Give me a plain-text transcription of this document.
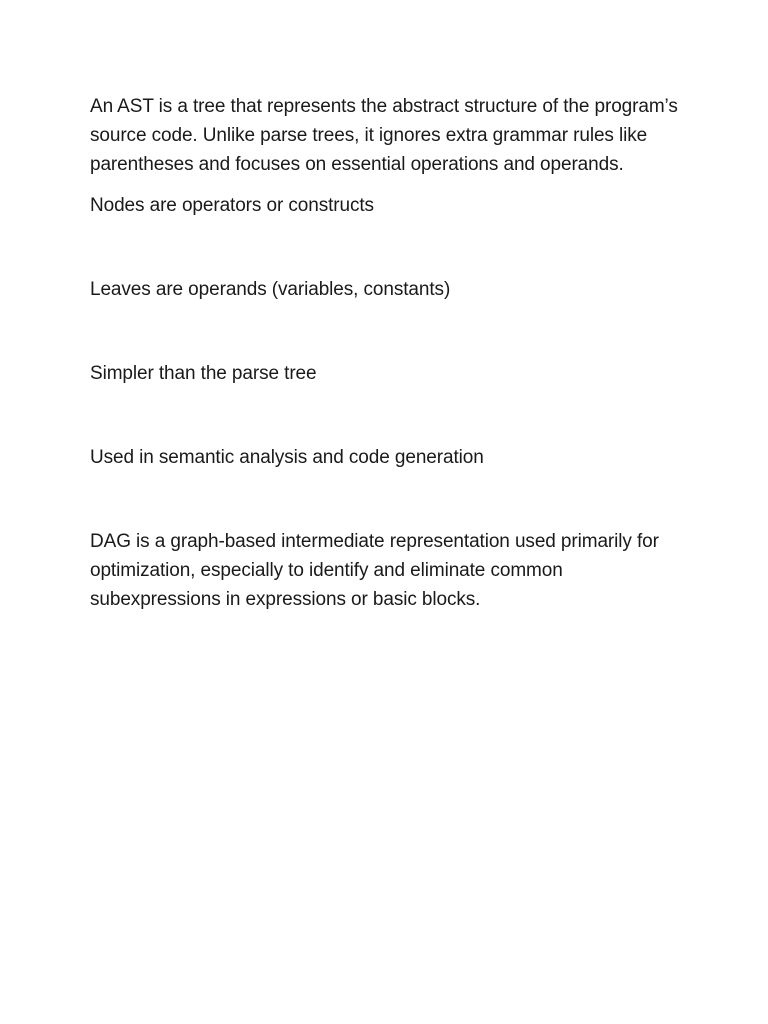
An AST is a tree that represents the abstract structure of the program’s source code. Unlike parse trees, it ignores extra grammar rules like parentheses and focuses on essential operations and operands.

Nodes are operators or constructs

Leaves are operands (variables, constants)

Simpler than the parse tree

Used in semantic analysis and code generation

DAG is a graph-based intermediate representation used primarily for optimization, especially to identify and eliminate common subexpressions in expressions or basic blocks.
